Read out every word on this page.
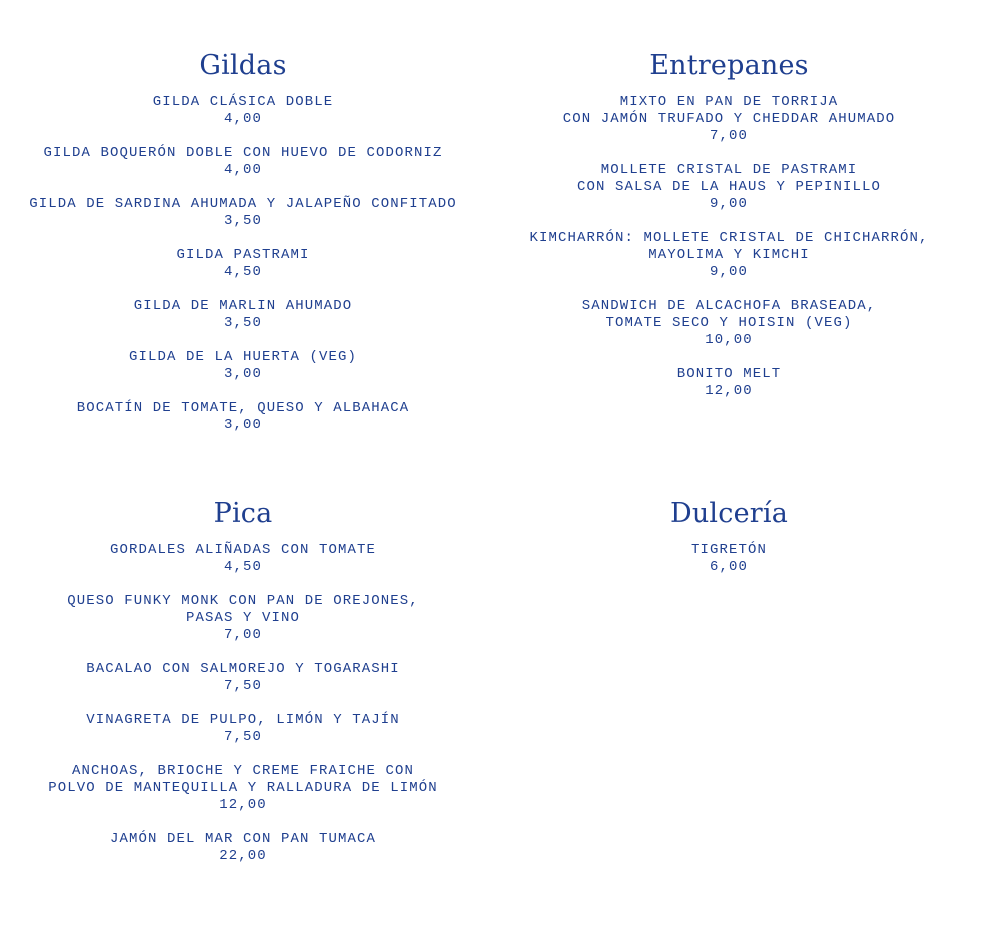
Gildas
GILDA CLÁSICA DOBLE
4,00
GILDA BOQUERÓN DOBLE CON HUEVO DE CODORNIZ
4,00
GILDA DE SARDINA AHUMADA Y JALAPEÑO CONFITADO
3,50
GILDA PASTRAMI
4,50
GILDA DE MARLIN AHUMADO
3,50
GILDA DE LA HUERTA (VEG)
3,00
BOCATÍN DE TOMATE, QUESO Y ALBAHACA
3,00
Entrepanes
MIXTO EN PAN DE TORRIJA
CON JAMÓN TRUFADO Y CHEDDAR AHUMADO
7,00
MOLLETE CRISTAL DE PASTRAMI
CON SALSA DE LA HAUS Y PEPINILLO
9,00
KIMCHARRÓN: MOLLETE CRISTAL DE CHICHARRÓN,
MAYOLIMA Y KIMCHI
9,00
SANDWICH DE ALCACHOFA BRASEADA,
TOMATE SECO Y HOISIN (VEG)
10,00
BONITO MELT
12,00
Pica
GORDALES ALIÑADAS CON TOMATE
4,50
QUESO FUNKY MONK CON PAN DE OREJONES,
PASAS Y VINO
7,00
BACALAO CON SALMOREJO Y TOGARASHI
7,50
VINAGRETA DE PULPO, LIMÓN Y TAJÍN
7,50
ANCHOAS, BRIOCHE Y CREME FRAICHE CON
POLVO DE MANTEQUILLA Y RALLADURA DE LIMÓN
12,00
JAMÓN DEL MAR CON PAN TUMACA
22,00
Dulcería
TIGRETÓN
6,00
